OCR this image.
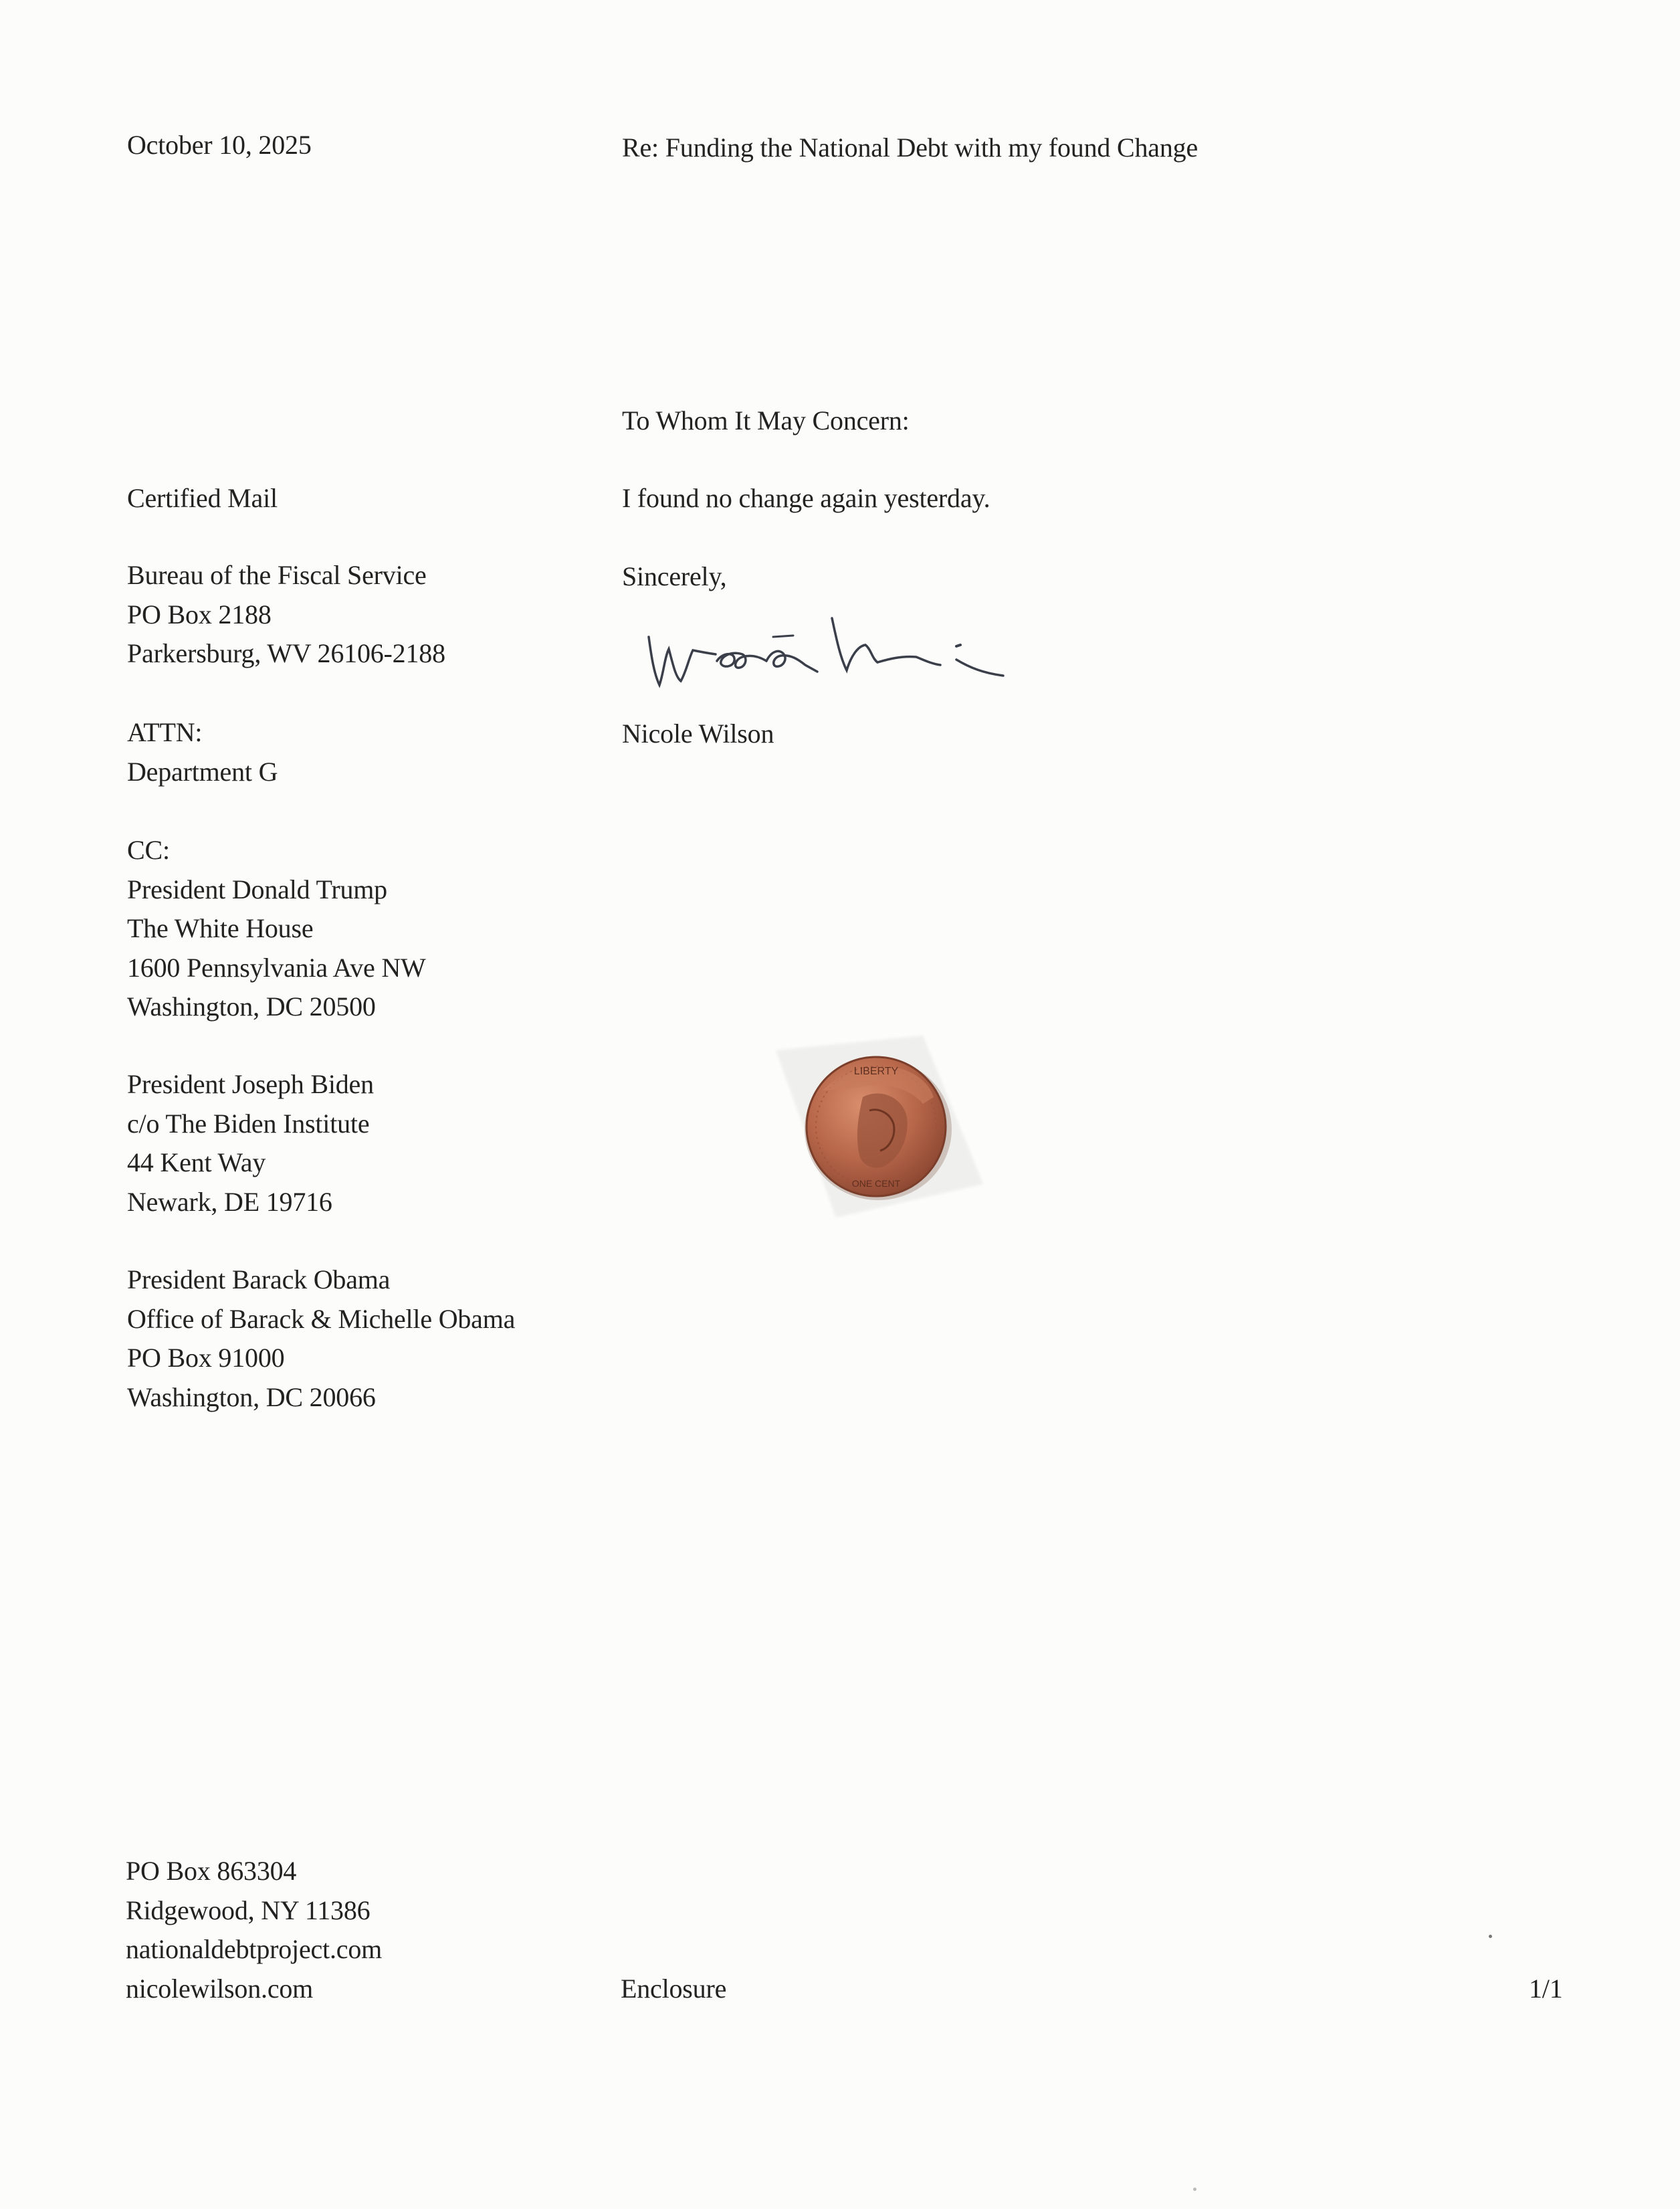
October 10, 2025	Re: Funding the National Debt with my found Change
To Whom It May Concern:
I found no change again yesterday.
Sincerely,
Nicole Wilson
Certified Mail
Bureau of the Fiscal Service
PO Box 2188
Parkersburg, WV 26106-2188
ATTN:
Department G
CC:
President Donald Trump
The White House
1600 Pennsylvania Ave NW
Washington, DC 20500
President Joseph Biden
c/o The Biden Institute
44 Kent Way
Newark, DE 19716
President Barack Obama
Office of Barack & Michelle Obama
PO Box 91000
Washington, DC 20066
LIBERTY
ONE CENT
PO Box 863304
Ridgewood, NY 11386
nationaldebtproject.com
nicolewilson.com	Enclosure	1/1
